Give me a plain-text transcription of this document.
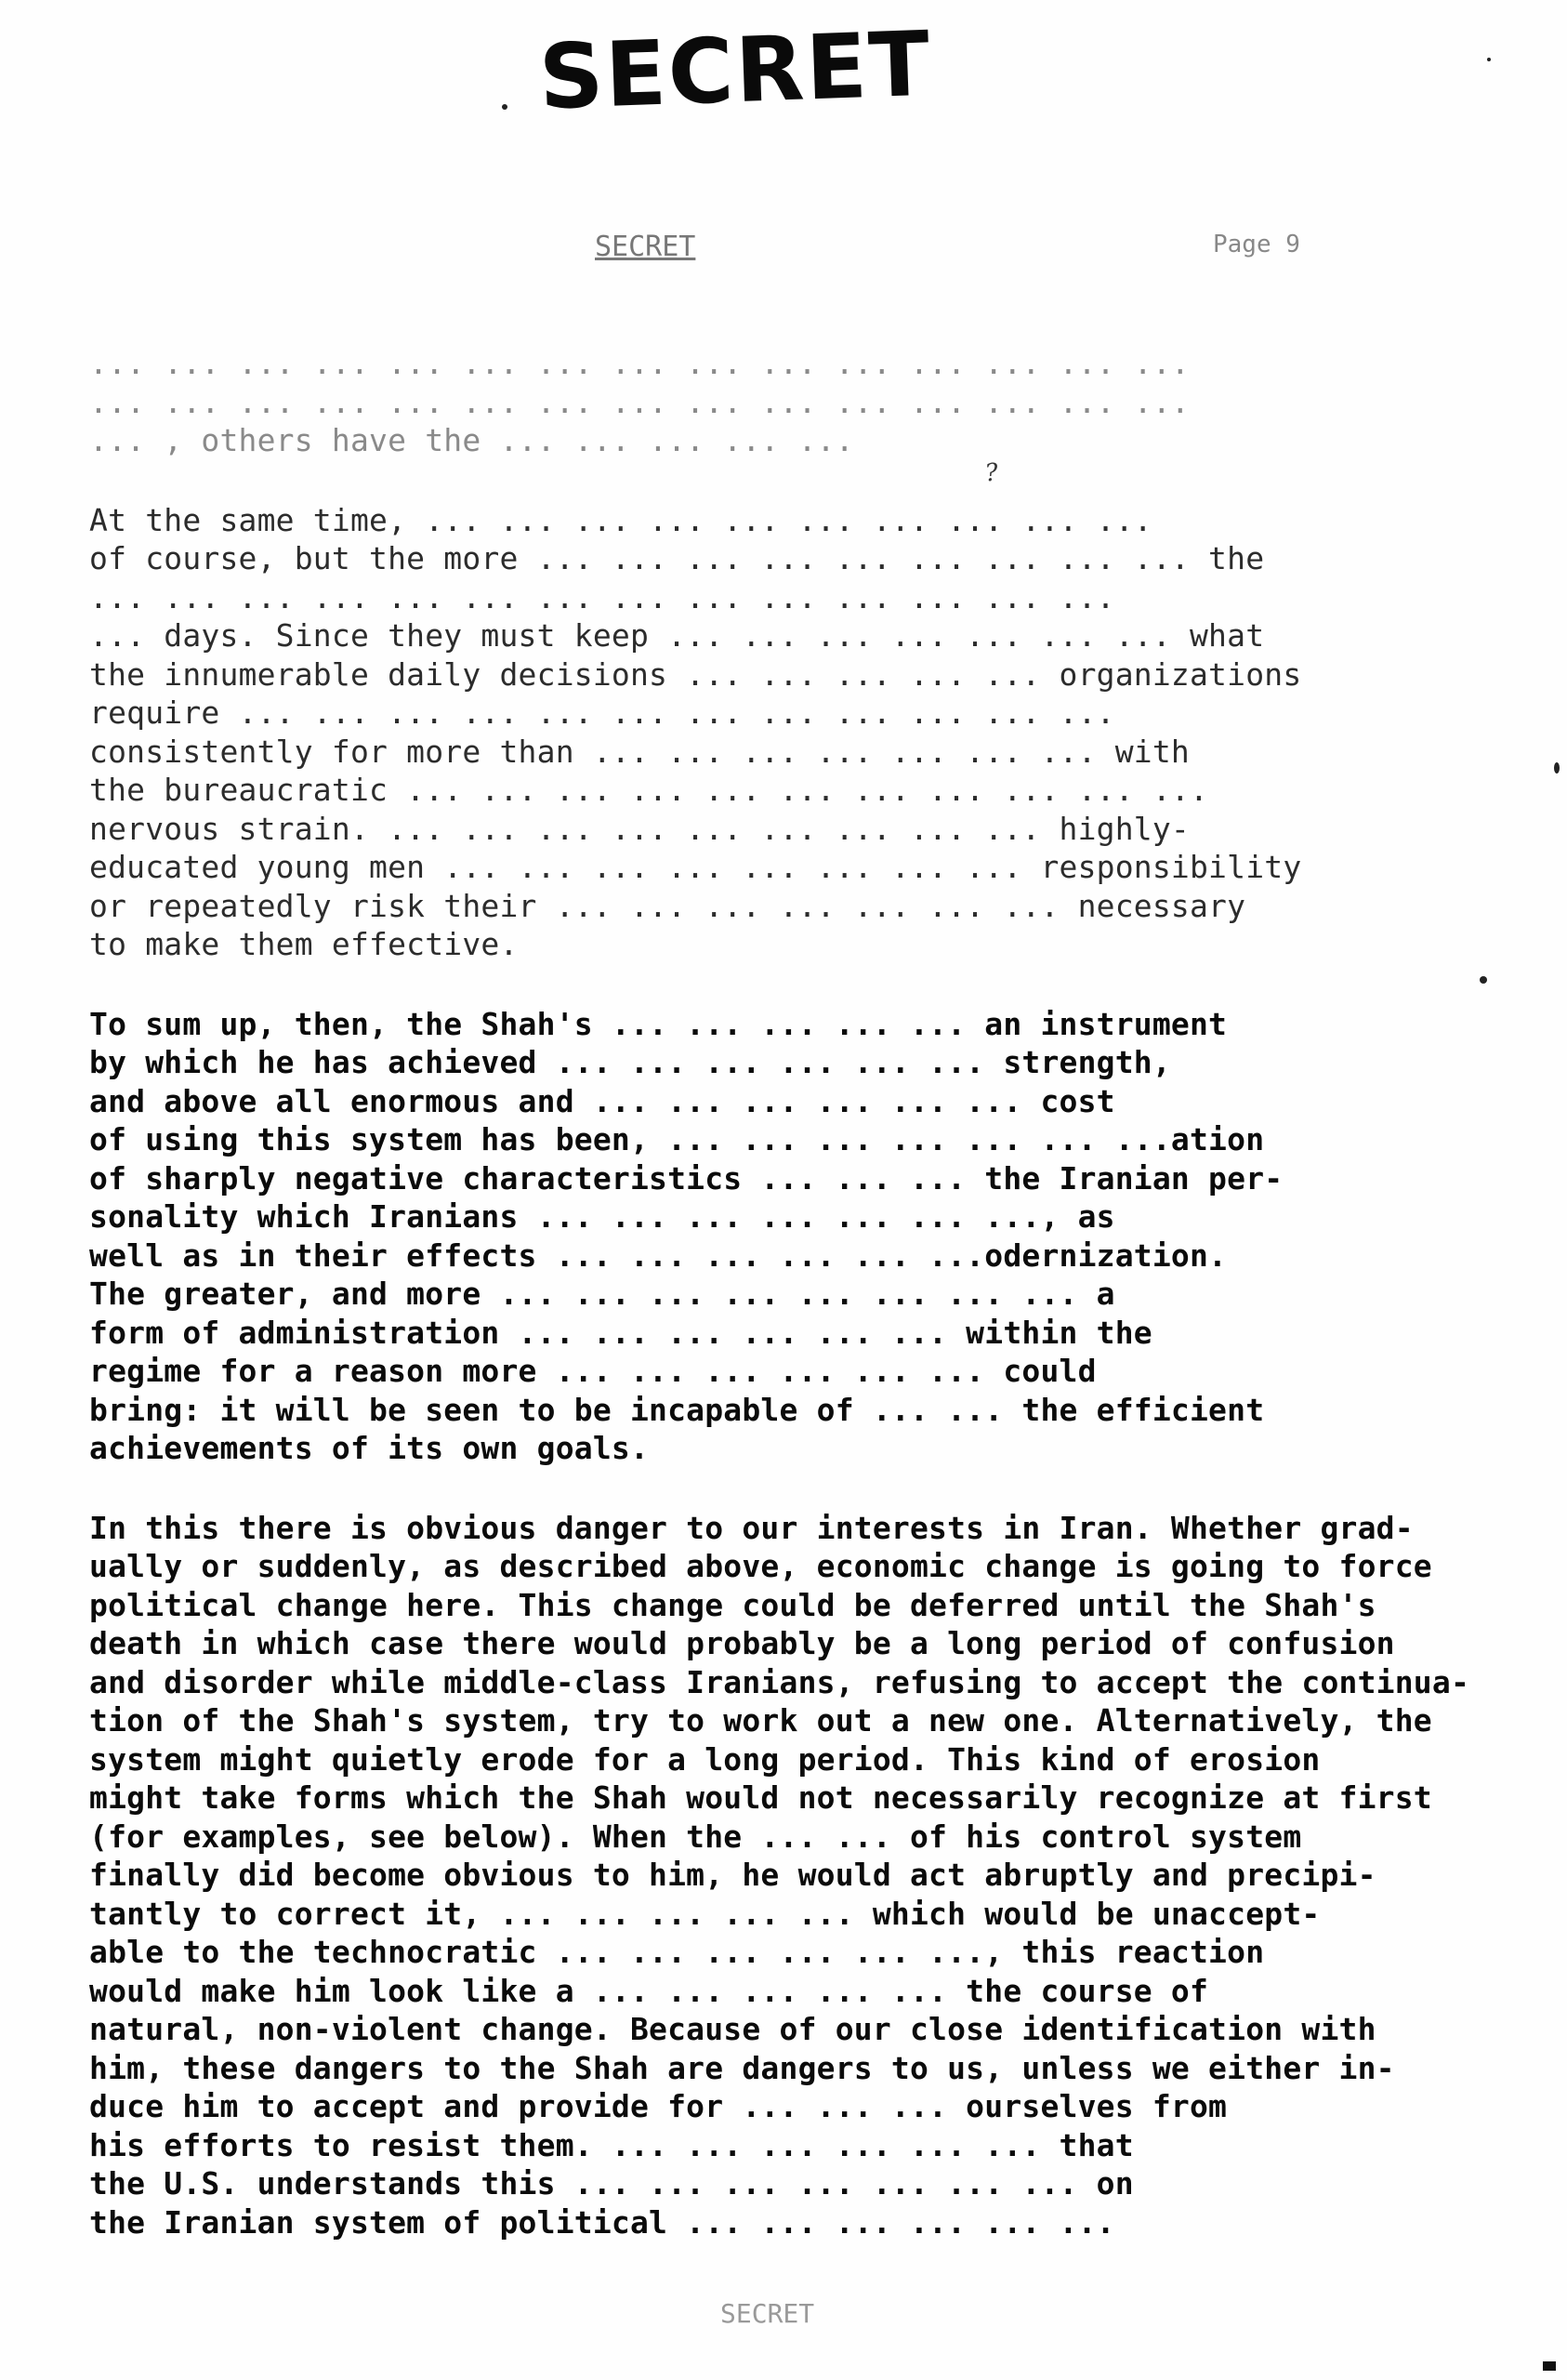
SECRET
SECRET	Page 9
?

... ... ... ... ... ... ... ... ... ... ... ... ... ... ...
... ... ... ... ... ... ... ... ... ... ... ... ... ... ...
... , others have the ... ... ... ... ...

At the same time, ... ... ... ... ... ... ... ... ... ...
of course, but the more ... ... ... ... ... ... ... ... ... the
... ... ... ... ... ... ... ... ... ... ... ... ... ...
... days. Since they must keep ... ... ... ... ... ... ... what
the innumerable daily decisions ... ... ... ... ... organizations
require ... ... ... ... ... ... ... ... ... ... ... ...
consistently for more than ... ... ... ... ... ... ... with
the bureaucratic ... ... ... ... ... ... ... ... ... ... ...
nervous strain. ... ... ... ... ... ... ... ... ... highly-
educated young men ... ... ... ... ... ... ... ... responsibility
or repeatedly risk their ... ... ... ... ... ... ... necessary
to make them effective.

To sum up, then, the Shah's ... ... ... ... ... an instrument
by which he has achieved ... ... ... ... ... ... strength,
and above all enormous and ... ... ... ... ... ... cost
of using this system has been, ... ... ... ... ... ... ...ation
of sharply negative characteristics ... ... ... the Iranian per-
sonality which Iranians ... ... ... ... ... ... ..., as
well as in their effects ... ... ... ... ... ...odernization.
The greater, and more ... ... ... ... ... ... ... ... a
form of administration ... ... ... ... ... ... within the
regime for a reason more ... ... ... ... ... ... could
bring: it will be seen to be incapable of ... ... the efficient
achievements of its own goals.

In this there is obvious danger to our interests in Iran. Whether grad-
ually or suddenly, as described above, economic change is going to force
political change here. This change could be deferred until the Shah's
death in which case there would probably be a long period of confusion
and disorder while middle-class Iranians, refusing to accept the continua-
tion of the Shah's system, try to work out a new one. Alternatively, the
system might quietly erode for a long period. This kind of erosion
might take forms which the Shah would not necessarily recognize at first
(for examples, see below). When the ... ... of his control system
finally did become obvious to him, he would act abruptly and precipi-
tantly to correct it, ... ... ... ... ... which would be unaccept-
able to the technocratic ... ... ... ... ... ..., this reaction
would make him look like a ... ... ... ... ... the course of
natural, non-violent change. Because of our close identification with
him, these dangers to the Shah are dangers to us, unless we either in-
duce him to accept and provide for ... ... ... ourselves from
his efforts to resist them. ... ... ... ... ... ... that
the U.S. understands this ... ... ... ... ... ... ... on
the Iranian system of political ... ... ... ... ... ...

SECRET
